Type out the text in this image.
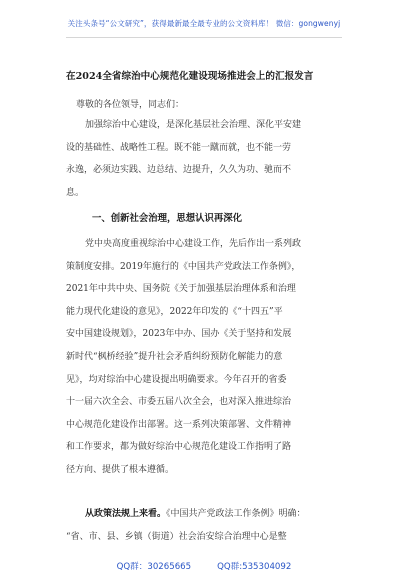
关注头条号“公文研究”，获得最新最全最专业的公文资料库！ 微信：gongwenyj
在2024全省综治中心规范化建设现场推进会上的汇报发言
尊敬的各位领导，同志们：
加强综治中心建设，是深化基层社会治理、深化平安建
设的基础性、战略性工程。既不能一蹴而就，也不能一劳
永逸，必须边实践、边总结、边提升，久久为功、驰而不
息。
一、创新社会治理，思想认识再深化
党中央高度重视综治中心建设工作，先后作出一系列政
策制度安排。2019年施行的《中国共产党政法工作条例》，
2021年中共中央、国务院《关于加强基层治理体系和治理
能力现代化建设的意见》，2022年印发的《“十四五”平
安中国建设规划》，2023年中办、国办《关于坚持和发展
新时代“枫桥经验”提升社会矛盾纠纷预防化解能力的意
见》，均对综治中心建设提出明确要求。今年召开的省委
十一届六次全会、市委五届八次全会，也对深入推进综治
中心规范化建设作出部署。这一系列决策部署、文件精神
和工作要求，都为做好综治中心规范化建设工作指明了路
径方向、提供了根本遵循。
从政策法规上来看。《中国共产党政法工作条例》明确：
“省、市、县、乡镇（街道）社会治安综合治理中心是整
QQ群：30265665	QQ群:535304092
